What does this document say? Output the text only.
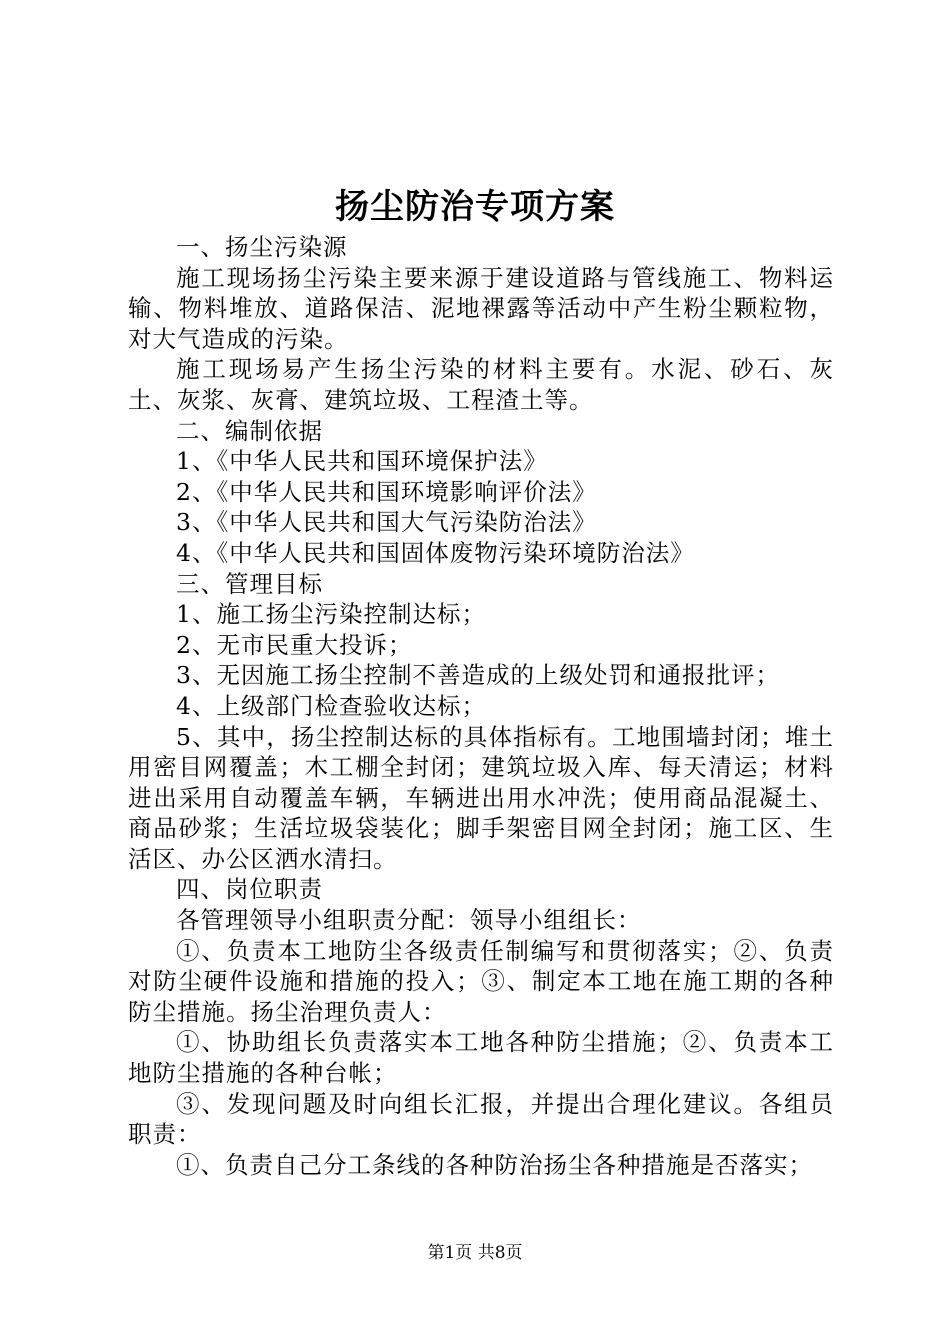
扬尘防治专项方案

一、扬尘污染源

施工现场扬尘污染主要来源于建设道路与管线施工、物料运输、物料堆放、道路保洁、泥地裸露等活动中产生粉尘颗粒物，对大气造成的污染。

施工现场易产生扬尘污染的材料主要有。水泥、砂石、灰土、灰浆、灰膏、建筑垃圾、工程渣土等。

二、编制依据

1、《中华人民共和国环境保护法》

2、《中华人民共和国环境影响评价法》

3、《中华人民共和国大气污染防治法》

4、《中华人民共和国固体废物污染环境防治法》

三、管理目标

1、施工扬尘污染控制达标；

2、无市民重大投诉；

3、无因施工扬尘控制不善造成的上级处罚和通报批评；

4、上级部门检查验收达标；

5、其中，扬尘控制达标的具体指标有。工地围墙封闭；堆土用密目网覆盖；木工棚全封闭；建筑垃圾入库、每天清运；材料进出采用自动覆盖车辆，车辆进出用水冲洗；使用商品混凝土、商品砂浆；生活垃圾袋装化；脚手架密目网全封闭；施工区、生活区、办公区洒水清扫。

四、岗位职责

各管理领导小组职责分配：领导小组组长：

①、负责本工地防尘各级责任制编写和贯彻落实；②、负责对防尘硬件设施和措施的投入；③、制定本工地在施工期的各种防尘措施。扬尘治理负责人：

①、协助组长负责落实本工地各种防尘措施；②、负责本工地防尘措施的各种台帐；

③、发现问题及时向组长汇报，并提出合理化建议。各组员职责：

①、负责自己分工条线的各种防治扬尘各种措施是否落实；

第1页 共8页
